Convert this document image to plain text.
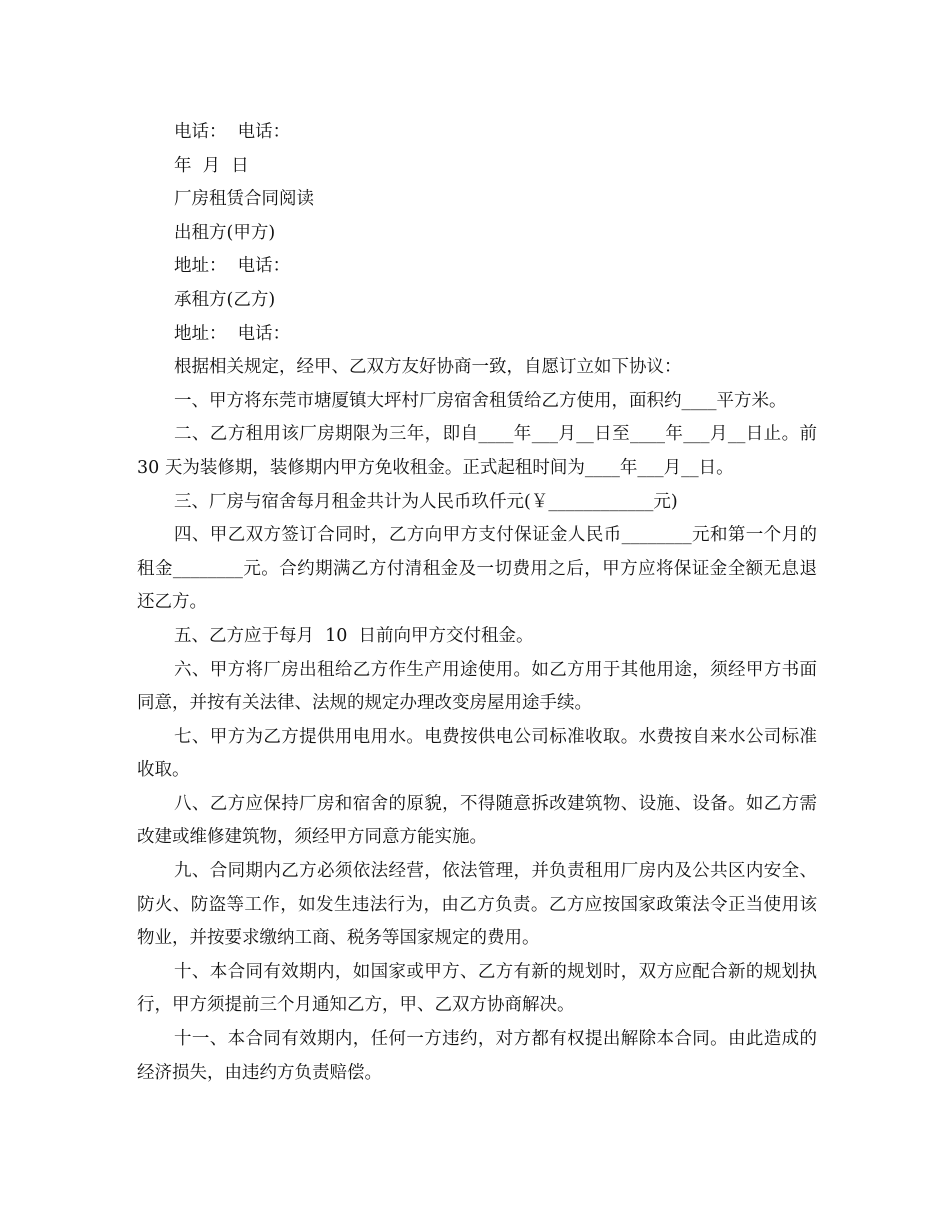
电话：  电话：

年  月  日

厂房租赁合同阅读

出租方(甲方)

地址：  电话：

承租方(乙方)

地址：  电话：

根据相关规定，经甲、乙双方友好协商一致，自愿订立如下协议：

一、甲方将东莞市塘厦镇大坪村厂房宿舍租赁给乙方使用，面积约____平方米。

二、乙方租用该厂房期限为三年，即自____年___月__日至____年___月__日止。前 30 天为装修期，装修期内甲方免收租金。正式起租时间为____年___月__日。

三、厂房与宿舍每月租金共计为人民币玖仟元(￥____________元)

四、甲乙双方签订合同时，乙方向甲方支付保证金人民币________元和第一个月的租金________元。合约期满乙方付清租金及一切费用之后，甲方应将保证金全额无息退还乙方。

五、乙方应于每月  10  日前向甲方交付租金。

六、甲方将厂房出租给乙方作生产用途使用。如乙方用于其他用途，须经甲方书面同意，并按有关法律、法规的规定办理改变房屋用途手续。

七、甲方为乙方提供用电用水。电费按供电公司标准收取。水费按自来水公司标准收取。

八、乙方应保持厂房和宿舍的原貌，不得随意拆改建筑物、设施、设备。如乙方需改建或维修建筑物，须经甲方同意方能实施。

九、合同期内乙方必须依法经营，依法管理，并负责租用厂房内及公共区内安全、防火、防盗等工作，如发生违法行为，由乙方负责。乙方应按国家政策法令正当使用该物业，并按要求缴纳工商、税务等国家规定的费用。

十、本合同有效期内，如国家或甲方、乙方有新的规划时，双方应配合新的规划执行，甲方须提前三个月通知乙方，甲、乙双方协商解决。

十一、本合同有效期内，任何一方违约，对方都有权提出解除本合同。由此造成的经济损失，由违约方负责赔偿。
